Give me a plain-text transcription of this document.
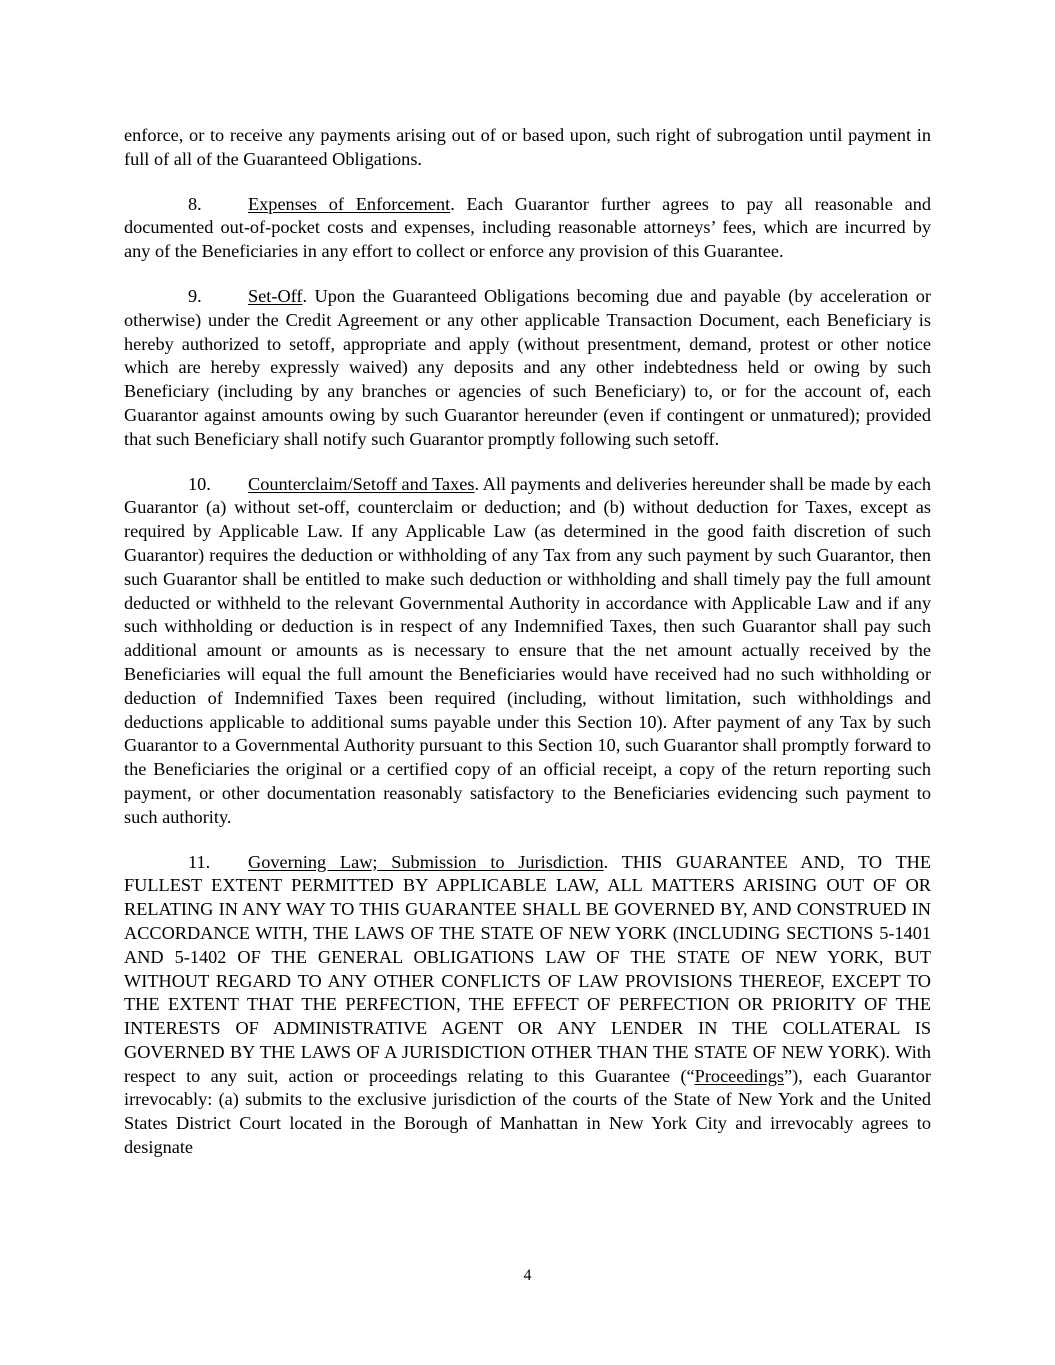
enforce, or to receive any payments arising out of or based upon, such right of subrogation until payment in full of all of the Guaranteed Obligations.

8.	Expenses of Enforcement. Each Guarantor further agrees to pay all reasonable and documented out-of-pocket costs and expenses, including reasonable attorneys’ fees, which are incurred by any of the Beneficiaries in any effort to collect or enforce any provision of this Guarantee.

9.	Set-Off. Upon the Guaranteed Obligations becoming due and payable (by acceleration or otherwise) under the Credit Agreement or any other applicable Transaction Document, each Beneficiary is hereby authorized to setoff, appropriate and apply (without presentment, demand, protest or other notice which are hereby expressly waived) any deposits and any other indebtedness held or owing by such Beneficiary (including by any branches or agencies of such Beneficiary) to, or for the account of, each Guarantor against amounts owing by such Guarantor hereunder (even if contingent or unmatured); provided that such Beneficiary shall notify such Guarantor promptly following such setoff.

10. Counterclaim/Setoff and Taxes. All payments and deliveries hereunder shall be made by each Guarantor (a) without set-off, counterclaim or deduction; and (b) without deduction for Taxes, except as required by Applicable Law. If any Applicable Law (as determined in the good faith discretion of such Guarantor) requires the deduction or withholding of any Tax from any such payment by such Guarantor, then such Guarantor shall be entitled to make such deduction or withholding and shall timely pay the full amount deducted or withheld to the relevant Governmental Authority in accordance with Applicable Law and if any such withholding or deduction is in respect of any Indemnified Taxes, then such Guarantor shall pay such additional amount or amounts as is necessary to ensure that the net amount actually received by the Beneficiaries will equal the full amount the Beneficiaries would have received had no such withholding or deduction of Indemnified Taxes been required (including, without limitation, such withholdings and deductions applicable to additional sums payable under this Section 10). After payment of any Tax by such Guarantor to a Governmental Authority pursuant to this Section 10, such Guarantor shall promptly forward to the Beneficiaries the original or a certified copy of an official receipt, a copy of the return reporting such payment, or other documentation reasonably satisfactory to the Beneficiaries evidencing such payment to such authority.

11. Governing Law; Submission to Jurisdiction. THIS GUARANTEE AND, TO THE FULLEST EXTENT PERMITTED BY APPLICABLE LAW, ALL MATTERS ARISING OUT OF OR RELATING IN ANY WAY TO THIS GUARANTEE SHALL BE GOVERNED BY, AND CONSTRUED IN ACCORDANCE WITH, THE LAWS OF THE STATE OF NEW YORK (INCLUDING SECTIONS 5-1401 AND 5-1402 OF THE GENERAL OBLIGATIONS LAW OF THE STATE OF NEW YORK, BUT WITHOUT REGARD TO ANY OTHER CONFLICTS OF LAW PROVISIONS THEREOF, EXCEPT TO THE EXTENT THAT THE PERFECTION, THE EFFECT OF PERFECTION OR PRIORITY OF THE INTERESTS OF ADMINISTRATIVE AGENT OR ANY LENDER IN THE COLLATERAL IS GOVERNED BY THE LAWS OF A JURISDICTION OTHER THAN THE STATE OF NEW YORK). With respect to any suit, action or proceedings relating to this Guarantee (“Proceedings”), each Guarantor irrevocably: (a) submits to the exclusive jurisdiction of the courts of the State of New York and the United States District Court located in the Borough of Manhattan in New York City and irrevocably agrees to designate

4
